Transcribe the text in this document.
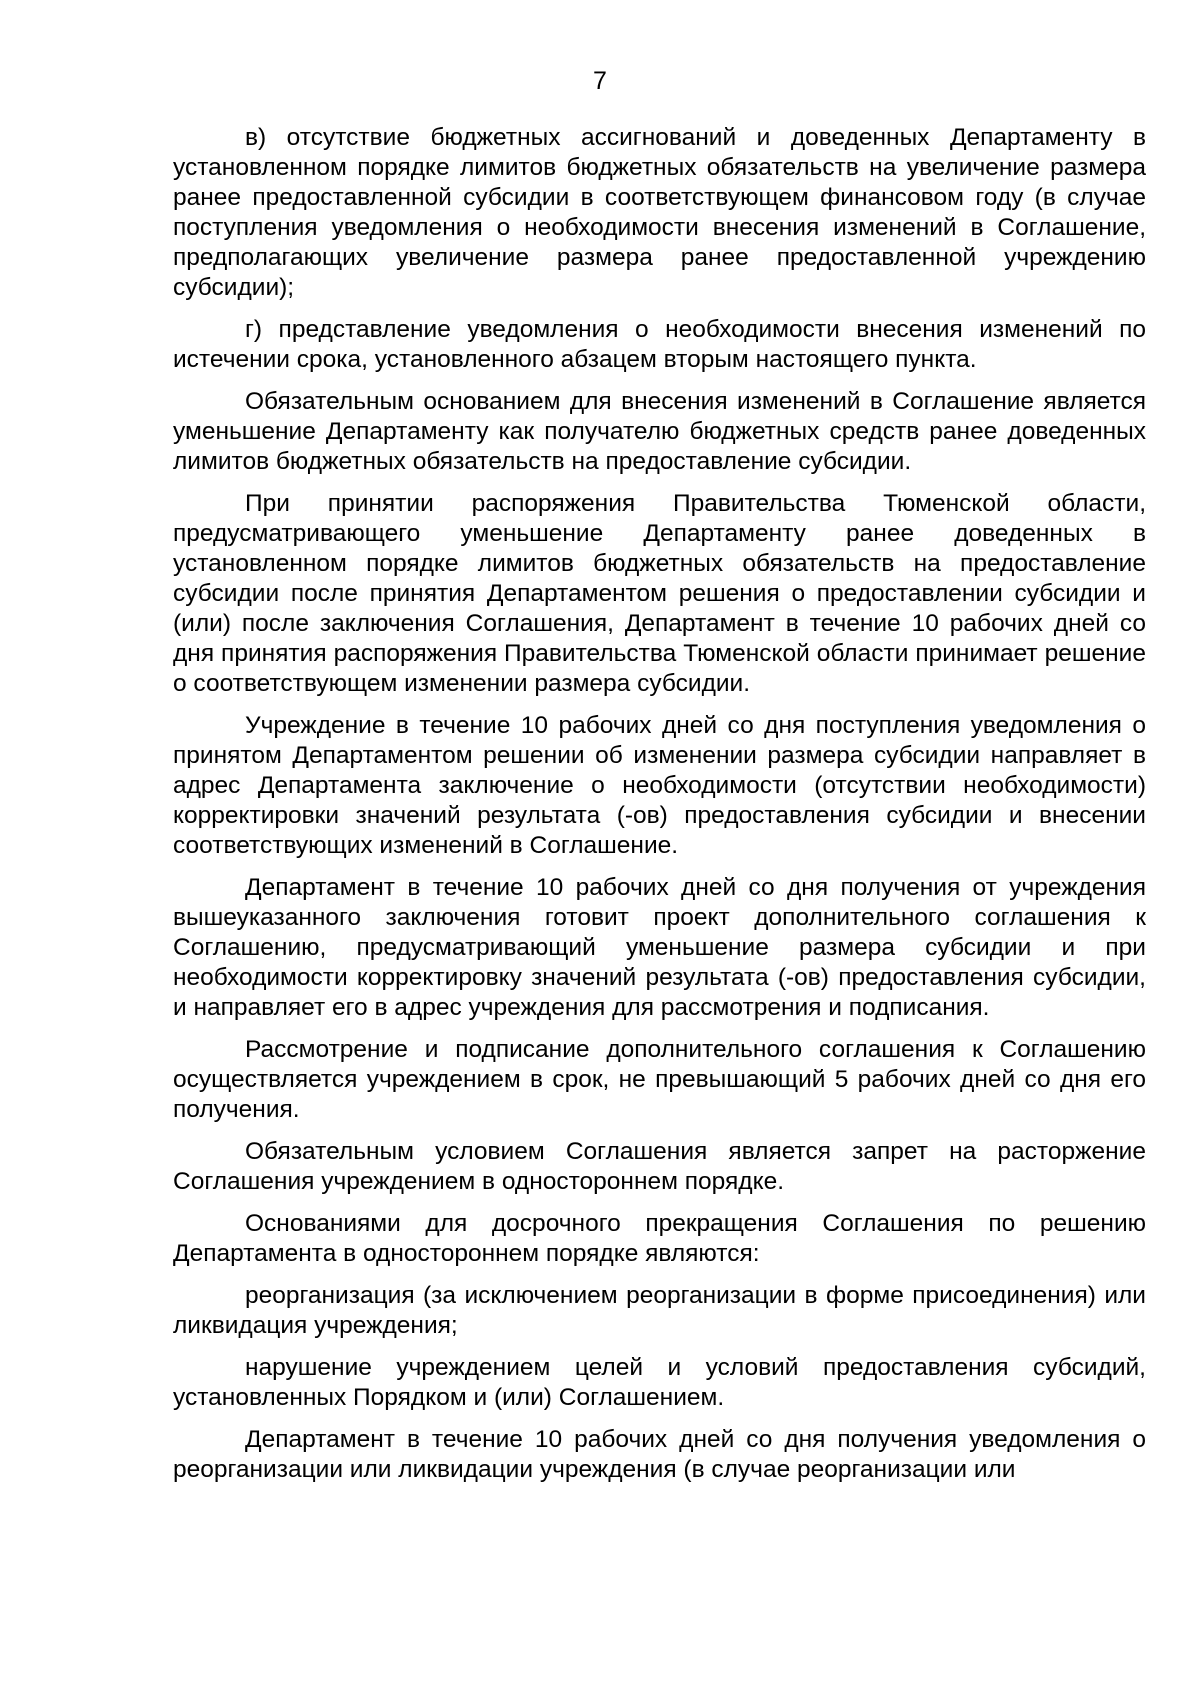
7

в) отсутствие бюджетных ассигнований и доведенных Департаменту в установленном порядке лимитов бюджетных обязательств на увеличение размера ранее предоставленной субсидии в соответствующем финансовом году (в случае поступления уведомления о необходимости внесения изменений в Соглашение, предполагающих увеличение размера ранее предоставленной учреждению субсидии);

г) представление уведомления о необходимости внесения изменений по истечении срока, установленного абзацем вторым настоящего пункта.

Обязательным основанием для внесения изменений в Соглашение является уменьшение Департаменту как получателю бюджетных средств ранее доведенных лимитов бюджетных обязательств на предоставление субсидии.

При принятии распоряжения Правительства Тюменской области, предусматривающего уменьшение Департаменту ранее доведенных в установленном порядке лимитов бюджетных обязательств на предоставление субсидии после принятия Департаментом решения о предоставлении субсидии и (или) после заключения Соглашения, Департамент в течение 10 рабочих дней со дня принятия распоряжения Правительства Тюменской области принимает решение о соответствующем изменении размера субсидии.

Учреждение в течение 10 рабочих дней со дня поступления уведомления о принятом Департаментом решении об изменении размера субсидии направляет в адрес Департамента заключение о необходимости (отсутствии необходимости) корректировки значений результата (-ов) предоставления субсидии и внесении соответствующих изменений в Соглашение.

Департамент в течение 10 рабочих дней со дня получения от учреждения вышеуказанного заключения готовит проект дополнительного соглашения к Соглашению, предусматривающий уменьшение размера субсидии и при необходимости корректировку значений результата (-ов) предоставления субсидии, и направляет его в адрес учреждения для рассмотрения и подписания.

Рассмотрение и подписание дополнительного соглашения к Соглашению осуществляется учреждением в срок, не превышающий 5 рабочих дней со дня его получения.

Обязательным условием Соглашения является запрет на расторжение Соглашения учреждением в одностороннем порядке.

Основаниями для досрочного прекращения Соглашения по решению Департамента в одностороннем порядке являются:

реорганизация (за исключением реорганизации в форме присоединения) или ликвидация учреждения;

нарушение учреждением целей и условий предоставления субсидий, установленных Порядком и (или) Соглашением.

Департамент в течение 10 рабочих дней со дня получения уведомления о реорганизации или ликвидации учреждения (в случае реорганизации или
